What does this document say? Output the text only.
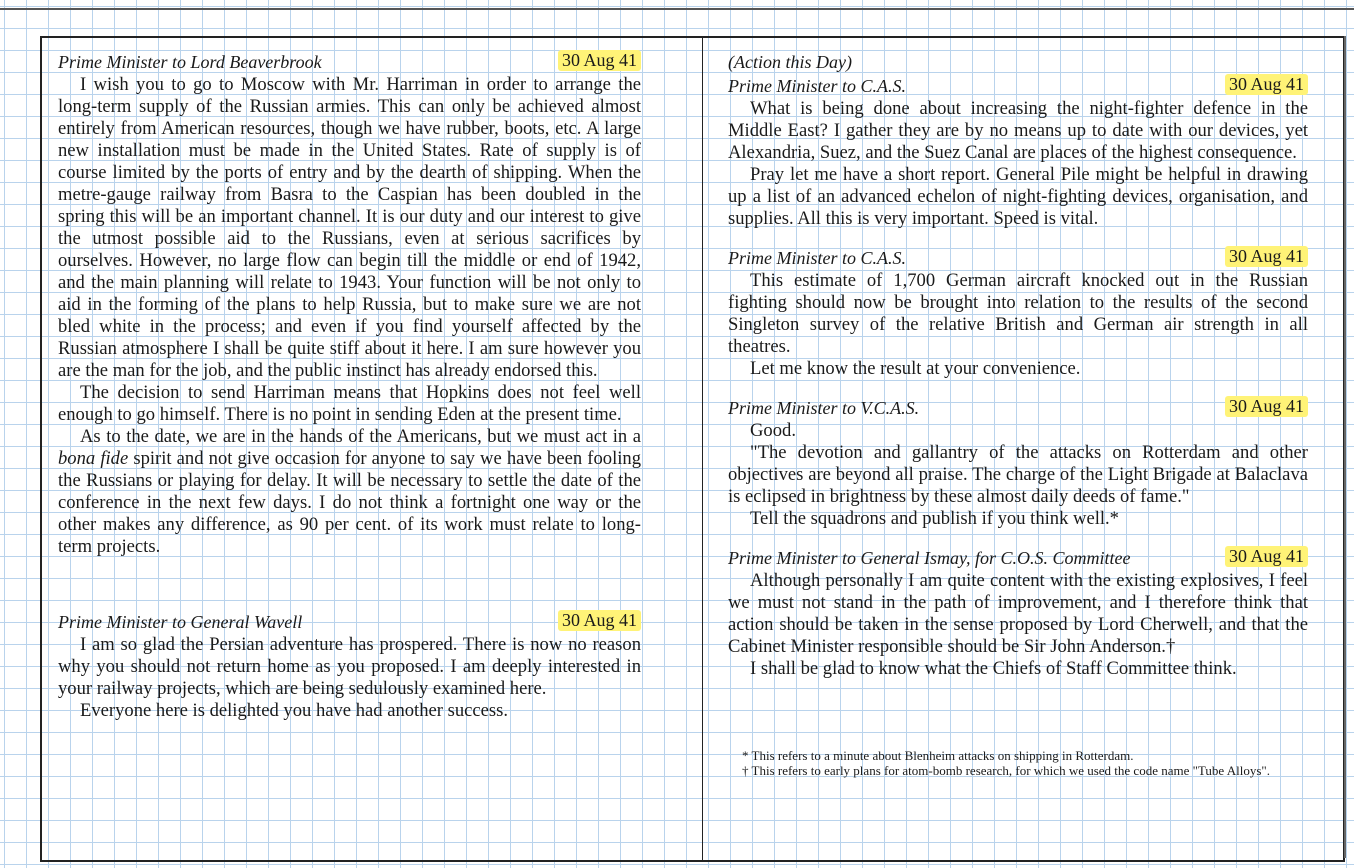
Prime Minister to Lord Beaverbrook	30 Aug 41

I wish you to go to Moscow with Mr. Harriman in order to arrange the long-term supply of the Russian armies. This can only be achieved almost entirely from American resources, though we have rubber, boots, etc. A large new installation must be made in the United States. Rate of supply is of course limited by the ports of entry and by the dearth of shipping. When the metre-gauge railway from Basra to the Caspian has been doubled in the spring this will be an important channel. It is our duty and our interest to give the utmost possible aid to the Russians, even at serious sacrifices by ourselves. However, no large flow can begin till the middle or end of 1942, and the main planning will relate to 1943. Your function will be not only to aid in the forming of the plans to help Russia, but to make sure we are not bled white in the process; and even if you find yourself affected by the Russian atmosphere I shall be quite stiff about it here. I am sure however you are the man for the job, and the public instinct has already endorsed this.

The decision to send Harriman means that Hopkins does not feel well enough to go himself. There is no point in sending Eden at the present time.

As to the date, we are in the hands of the Americans, but we must act in a bona fide spirit and not give occasion for anyone to say we have been fooling the Russians or playing for delay. It will be necessary to settle the date of the conference in the next few days. I do not think a fortnight one way or the other makes any difference, as 90 per cent. of its work must relate to long-term projects.

Prime Minister to General Wavell	30 Aug 41

I am so glad the Persian adventure has prospered. There is now no reason why you should not return home as you proposed. I am deeply interested in your railway projects, which are being sedulously examined here.

Everyone here is delighted you have had another success.

(Action this Day)
Prime Minister to C.A.S.	30 Aug 41

What is being done about increasing the night-fighter defence in the Middle East? I gather they are by no means up to date with our devices, yet Alexandria, Suez, and the Suez Canal are places of the highest consequence.

Pray let me have a short report. General Pile might be helpful in drawing up a list of an advanced echelon of night-fighting devices, organisation, and supplies. All this is very important. Speed is vital.

Prime Minister to C.A.S.	30 Aug 41

This estimate of 1,700 German aircraft knocked out in the Russian fighting should now be brought into relation to the results of the second Singleton survey of the relative British and German air strength in all theatres.

Let me know the result at your convenience.

Prime Minister to V.C.A.S.	30 Aug 41

Good.

"The devotion and gallantry of the attacks on Rotterdam and other objectives are beyond all praise. The charge of the Light Brigade at Balaclava is eclipsed in brightness by these almost daily deeds of fame."

Tell the squadrons and publish if you think well.*

Prime Minister to General Ismay, for C.O.S. Committee	30 Aug 41

Although personally I am quite content with the existing explosives, I feel we must not stand in the path of improvement, and I therefore think that action should be taken in the sense proposed by Lord Cherwell, and that the Cabinet Minister responsible should be Sir John Anderson.†

I shall be glad to know what the Chiefs of Staff Committee think.

* This refers to a minute about Blenheim attacks on shipping in Rotterdam.
† This refers to early plans for atom-bomb research, for which we used the code name "Tube Alloys".
